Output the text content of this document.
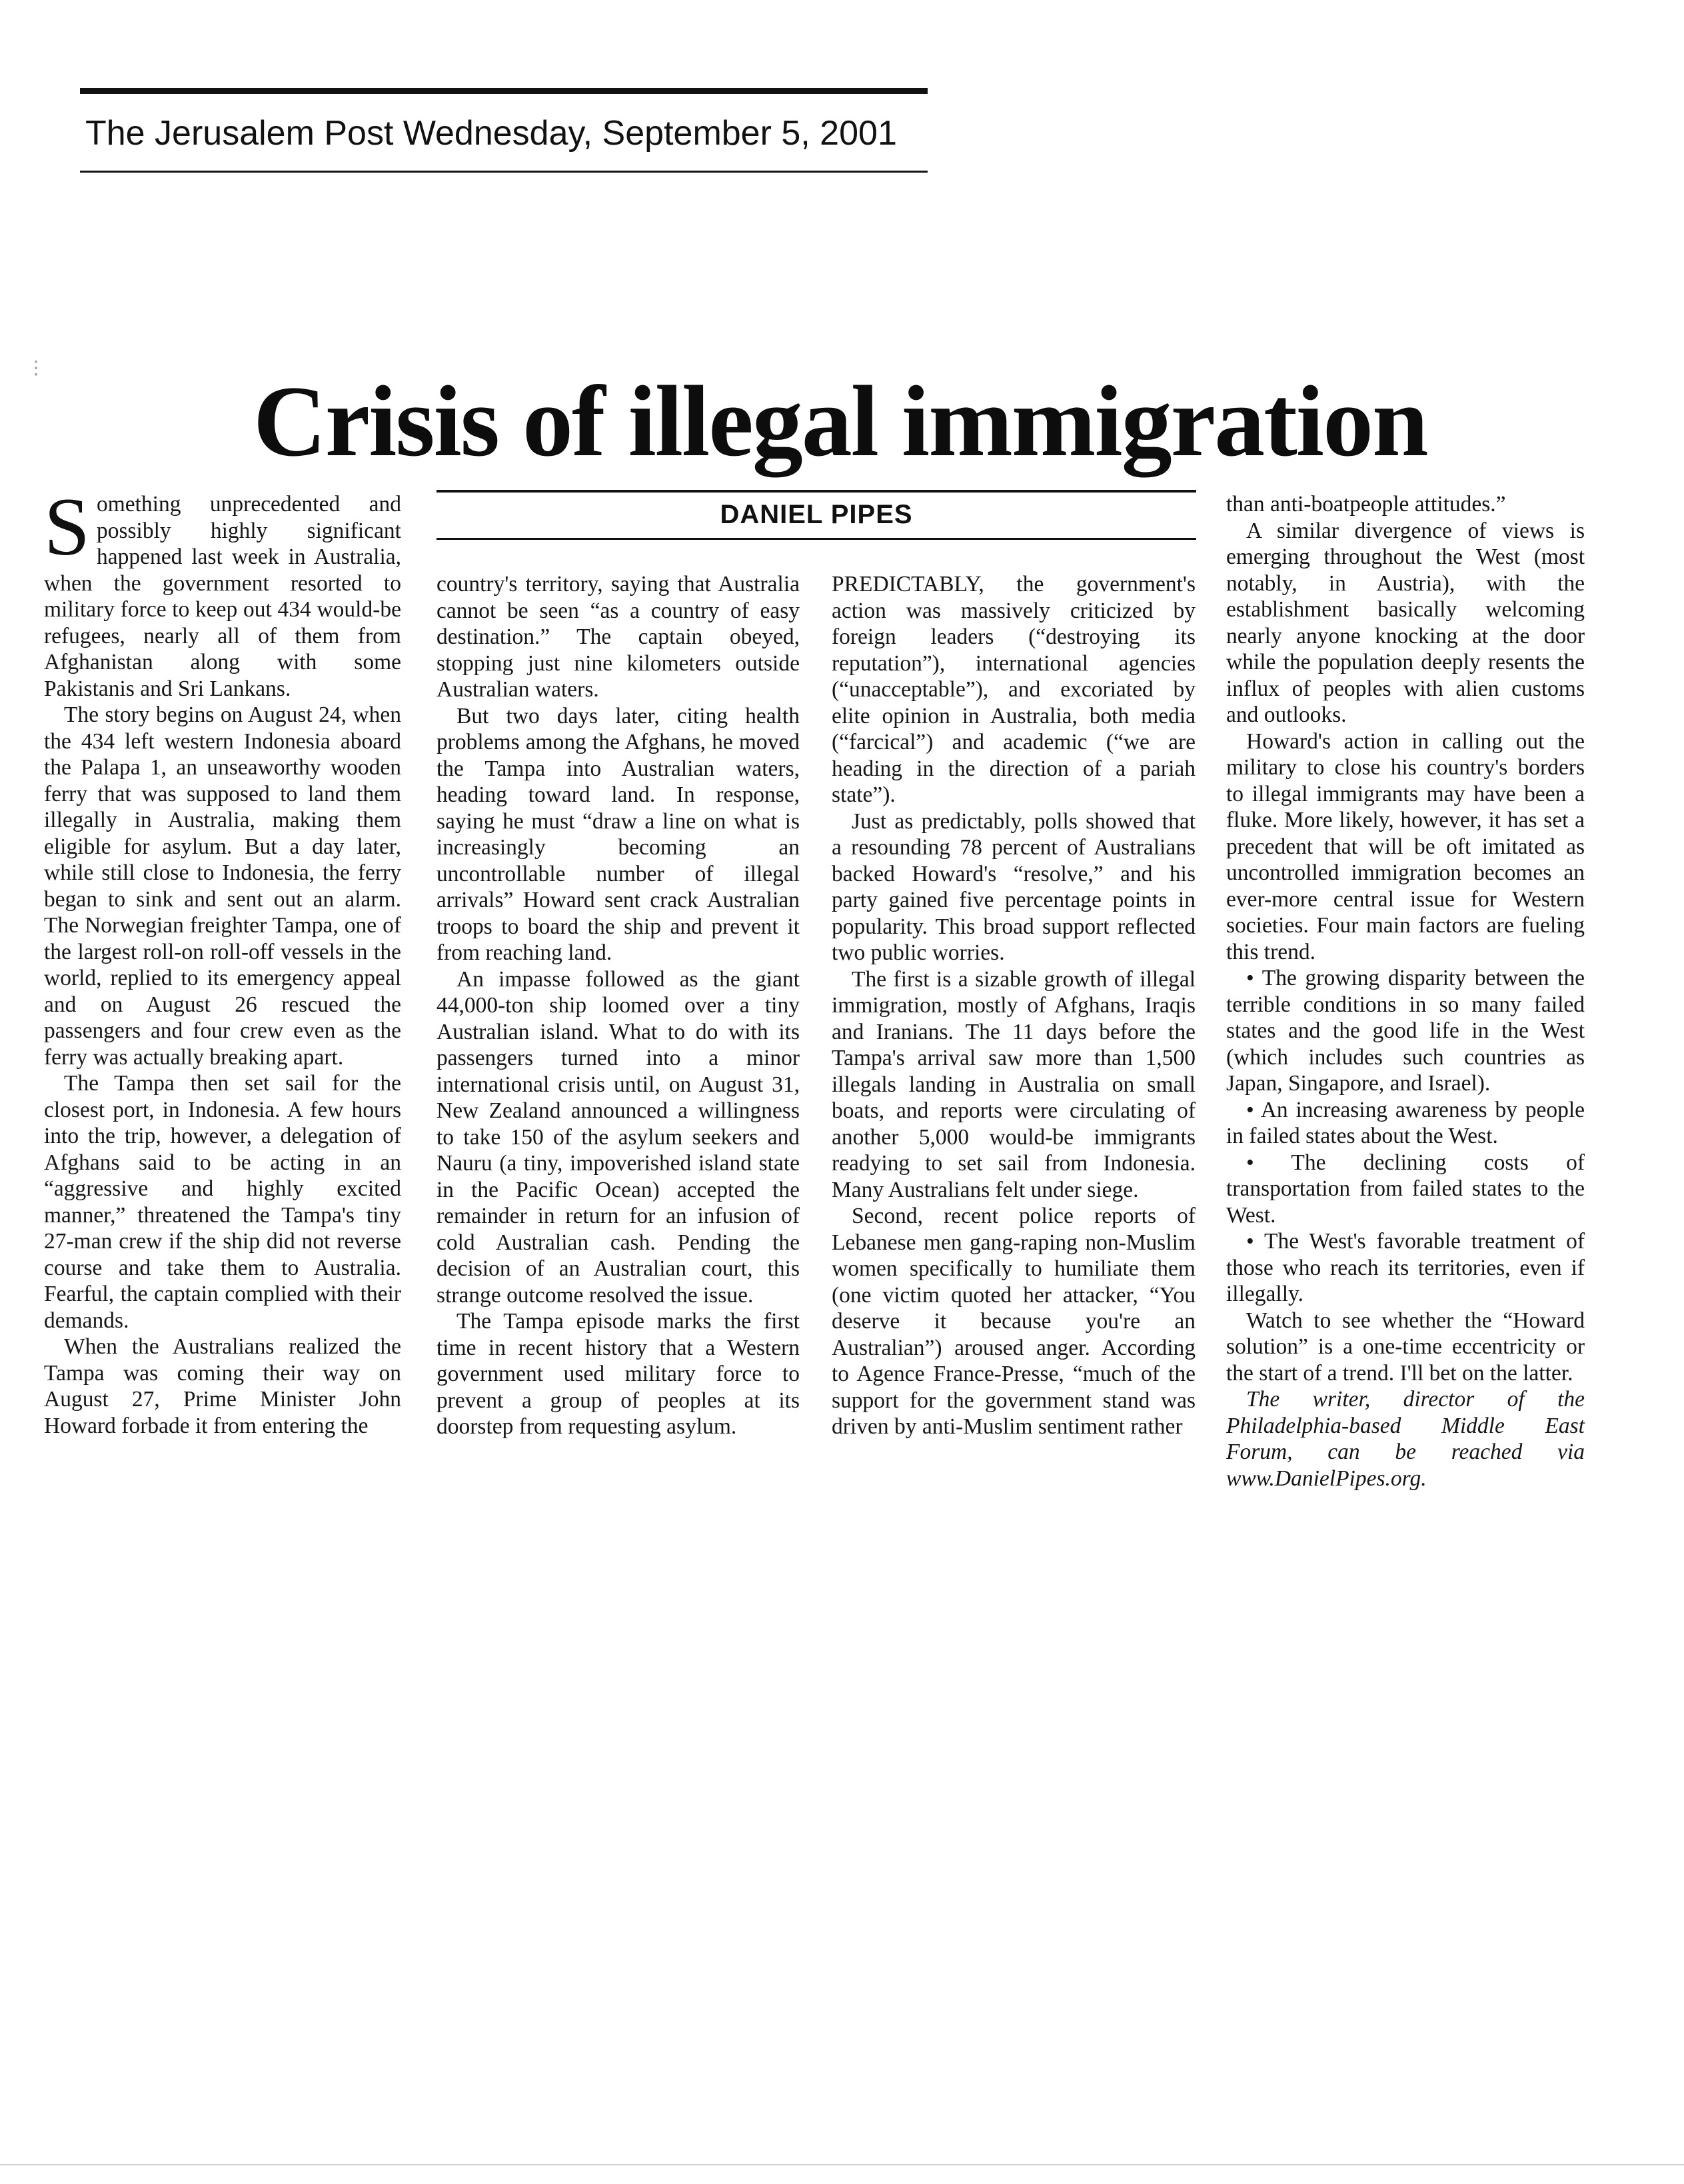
The Jerusalem Post Wednesday, September 5, 2001
⋮ Crisis of illegal immigration
DANIEL PIPES

Something unprecedented and possibly highly significant happened last week in Australia, when the government resorted to military force to keep out 434 would-be refugees, nearly all of them from Afghanistan along with some Pakistanis and Sri Lankans.

The story begins on August 24, when the 434 left western Indonesia aboard the Palapa 1, an unseaworthy wooden ferry that was supposed to land them illegally in Australia, making them eligible for asylum. But a day later, while still close to Indonesia, the ferry began to sink and sent out an alarm. The Norwegian freighter Tampa, one of the largest roll-on roll-off vessels in the world, replied to its emergency appeal and on August 26 rescued the passengers and four crew even as the ferry was actually breaking apart.

The Tampa then set sail for the closest port, in Indonesia. A few hours into the trip, however, a delegation of Afghans said to be acting in an “aggressive and highly excited manner,” threatened the Tampa's tiny 27-man crew if the ship did not reverse course and take them to Australia. Fearful, the captain complied with their demands.

When the Australians realized the Tampa was coming their way on August 27, Prime Minister John Howard forbade it from entering the

country's territory, saying that Australia cannot be seen “as a country of easy destination.” The captain obeyed, stopping just nine kilometers outside Australian waters.

But two days later, citing health problems among the Afghans, he moved the Tampa into Australian waters, heading toward land. In response, saying he must “draw a line on what is increasingly becoming an uncontrollable number of illegal arrivals” Howard sent crack Australian troops to board the ship and prevent it from reaching land.

An impasse followed as the giant 44,000-ton ship loomed over a tiny Australian island. What to do with its passengers turned into a minor international crisis until, on August 31, New Zealand announced a willingness to take 150 of the asylum seekers and Nauru (a tiny, impoverished island state in the Pacific Ocean) accepted the remainder in return for an infusion of cold Australian cash. Pending the decision of an Australian court, this strange outcome resolved the issue.

The Tampa episode marks the first time in recent history that a Western government used military force to prevent a group of peoples at its doorstep from requesting asylum.

PREDICTABLY, the government's action was massively criticized by foreign leaders (“destroying its reputation”), international agencies (“unacceptable”), and excoriated by elite opinion in Australia, both media (“farcical”) and academic (“we are heading in the direction of a pariah state”).

Just as predictably, polls showed that a resounding 78 percent of Australians backed Howard's “resolve,” and his party gained five percentage points in popularity. This broad support reflected two public worries.

The first is a sizable growth of illegal immigration, mostly of Afghans, Iraqis and Iranians. The 11 days before the Tampa's arrival saw more than 1,500 illegals landing in Australia on small boats, and reports were circulating of another 5,000 would-be immigrants readying to set sail from Indonesia. Many Australians felt under siege.

Second, recent police reports of Lebanese men gang-raping non-Muslim women specifically to humiliate them (one victim quoted her attacker, “You deserve it because you're an Australian”) aroused anger. According to Agence France-Presse, “much of the support for the government stand was driven by anti-Muslim sentiment rather

than anti-boatpeople attitudes.”

A similar divergence of views is emerging throughout the West (most notably, in Austria), with the establishment basically welcoming nearly anyone knocking at the door while the population deeply resents the influx of peoples with alien customs and outlooks.

Howard's action in calling out the military to close his country's borders to illegal immigrants may have been a fluke. More likely, however, it has set a precedent that will be oft imitated as uncontrolled immigration becomes an ever-more central issue for Western societies. Four main factors are fueling this trend.

• The growing disparity between the terrible conditions in so many failed states and the good life in the West (which includes such countries as Japan, Singapore, and Israel).

• An increasing awareness by people in failed states about the West.

• The declining costs of transportation from failed states to the West.

• The West's favorable treatment of those who reach its territories, even if illegally.

Watch to see whether the “Howard solution” is a one-time eccentricity or the start of a trend. I'll bet on the latter.

The writer, director of the Philadelphia-based Middle East Forum, can be reached via www.DanielPipes.org.
